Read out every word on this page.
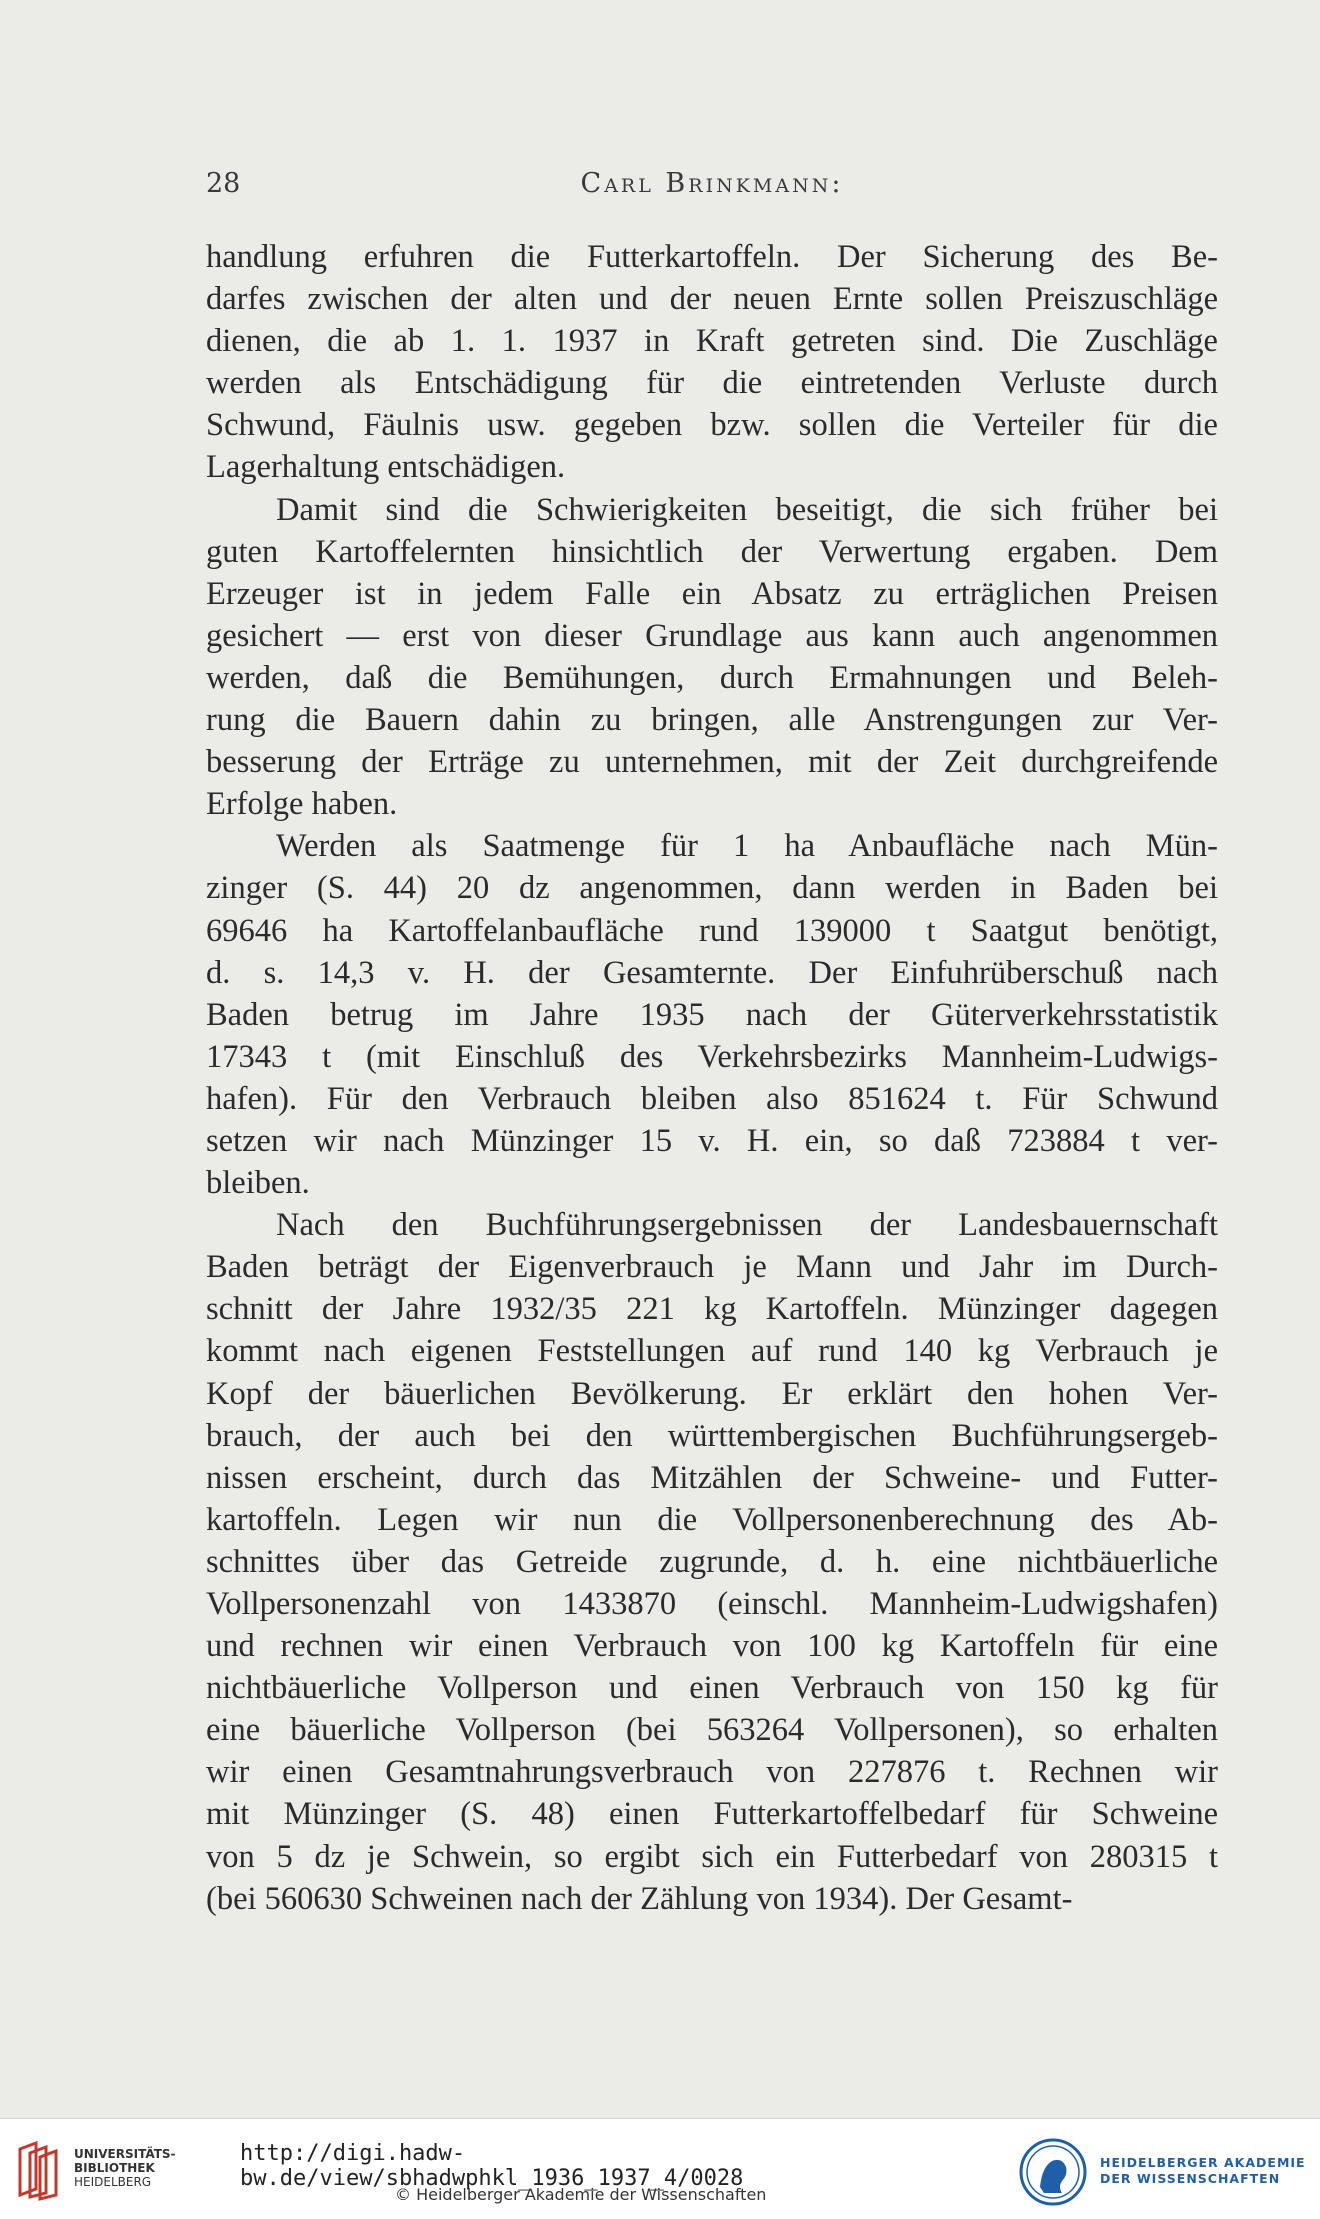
28	Carl Brinkmann:
handlung erfuhren die Futterkartoffeln. Der Sicherung des Be-
darfes zwischen der alten und der neuen Ernte sollen Preiszuschläge
dienen, die ab 1. 1. 1937 in Kraft getreten sind. Die Zuschläge
werden als Entschädigung für die eintretenden Verluste durch
Schwund, Fäulnis usw. gegeben bzw. sollen die Verteiler für die
Lagerhaltung entschädigen.
Damit sind die Schwierigkeiten beseitigt, die sich früher bei
guten Kartoffelernten hinsichtlich der Verwertung ergaben. Dem
Erzeuger ist in jedem Falle ein Absatz zu erträglichen Preisen
gesichert — erst von dieser Grundlage aus kann auch angenommen
werden, daß die Bemühungen, durch Ermahnungen und Beleh-
rung die Bauern dahin zu bringen, alle Anstrengungen zur Ver-
besserung der Erträge zu unternehmen, mit der Zeit durchgreifende
Erfolge haben.
Werden als Saatmenge für 1 ha Anbaufläche nach Mün-
zinger (S. 44) 20 dz angenommen, dann werden in Baden bei
69646 ha Kartoffelanbaufläche rund 139000 t Saatgut benötigt,
d. s. 14,3 v. H. der Gesamternte. Der Einfuhrüberschuß nach
Baden betrug im Jahre 1935 nach der Güterverkehrsstatistik
17343 t (mit Einschluß des Verkehrsbezirks Mannheim-Ludwigs-
hafen). Für den Verbrauch bleiben also 851624 t. Für Schwund
setzen wir nach Münzinger 15 v. H. ein, so daß 723884 t ver-
bleiben.
Nach den Buchführungsergebnissen der Landesbauernschaft
Baden beträgt der Eigenverbrauch je Mann und Jahr im Durch-
schnitt der Jahre 1932/35 221 kg Kartoffeln. Münzinger dagegen
kommt nach eigenen Feststellungen auf rund 140 kg Verbrauch je
Kopf der bäuerlichen Bevölkerung. Er erklärt den hohen Ver-
brauch, der auch bei den württembergischen Buchführungsergeb-
nissen erscheint, durch das Mitzählen der Schweine- und Futter-
kartoffeln. Legen wir nun die Vollpersonenberechnung des Ab-
schnittes über das Getreide zugrunde, d. h. eine nichtbäuerliche
Vollpersonenzahl von 1433870 (einschl. Mannheim-Ludwigshafen)
und rechnen wir einen Verbrauch von 100 kg Kartoffeln für eine
nichtbäuerliche Vollperson und einen Verbrauch von 150 kg für
eine bäuerliche Vollperson (bei 563264 Vollpersonen), so erhalten
wir einen Gesamtnahrungsverbrauch von 227876 t. Rechnen wir
mit Münzinger (S. 48) einen Futterkartoffelbedarf für Schweine
von 5 dz je Schwein, so ergibt sich ein Futterbedarf von 280315 t
(bei 560630 Schweinen nach der Zählung von 1934). Der Gesamt-
UNIVERSITÄTS-
BIBLIOTHEK
HEIDELBERG
http://digi.hadw-bw.de/view/sbhadwphkl_1936_1937_4/0028
© Heidelberger Akademie der Wissenschaften
HEIDELBERGER AKADEMIE
DER WISSENSCHAFTEN
